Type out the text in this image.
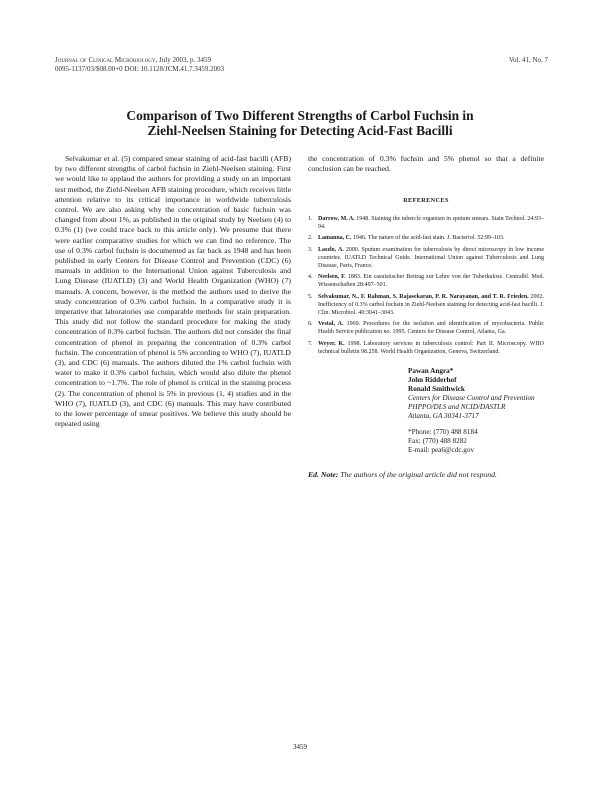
Journal of Clinical Microbiology, July 2003, p. 3459
0095-1137/03/$08.00+0 DOI: 10.1128/JCM.41.7.3459.2003
Vol. 41, No. 7
Comparison of Two Different Strengths of Carbol Fuchsin in
Ziehl-Neelsen Staining for Detecting Acid-Fast Bacilli

Selvakumar et al. (5) compared smear staining of acid-fast bacilli (AFB) by two different strengths of carbol fuchsin in Ziehl-Neelsen staining. First we would like to applaud the authors for providing a study on an important test method, the Ziehl-Neelsen AFB staining procedure, which receives little attention relative to its critical importance in worldwide tuberculosis control. We are also asking why the concentration of basic fuchsin was changed from about 1%, as published in the original study by Neelsen (4) to 0.3% (1) (we could trace back to this article only). We presume that there were earlier comparative studies for which we can find no reference. The use of 0.3% carbol fuchsin is documented as far back as 1948 and has been published in early Centers for Disease Control and Prevention (CDC) (6) manuals in addition to the International Union against Tuberculosis and Lung Disease (IUATLD) (3) and World Health Organization (WHO) (7) manuals. A concern, however, is the method the authors used to derive the study concentration of 0.3% carbol fuchsin. In a comparative study it is imperative that laboratories use comparable methods for stain preparation. This study did not follow the standard procedure for making the study concentration of 0.3% carbol fuchsin. The authors did not consider the final concentration of phenol in preparing the concentration of 0.3% carbol fuchsin. The concentration of phenol is 5% according to WHO (7), IUATLD (3), and CDC (6) manuals. The authors diluted the 1% carbol fuchsin with water to make it 0.3% carbol fuchsin, which would also dilute the phenol concentration to ~1.7%. The role of phenol is critical in the staining process (2). The concentration of phenol is 5% in previous (1, 4) studies and in the WHO (7), IUATLD (3), and CDC (6) manuals. This may have contributed to the lower percentage of smear positives. We believe this study should be repeated using

the concentration of 0.3% fuchsin and 5% phenol so that a definite conclusion can be reached.

REFERENCES
1. Darrow, M. A. 1948. Staining the tubercle organism in sputum smears. Stain Technol. 24:93–94.
2. Lamanna, C. 1946. The nature of the acid-fast stain. J. Bacteriol. 52:99–103.
3. Laszlo, A. 2000. Sputum examination for tuberculosis by direct microscopy in low income countries. IUATLD Technical Guide. International Union against Tuberculosis and Lung Disease, Paris, France.
4. Neelsen, F. 1883. Ein casuistischer Beitrag zur Lehre von der Tuberkulose. Centralbl. Med. Wissenschaften 28:497–501.
5. Selvakumar, N., F. Rahman, S. Rajasekaran, P. R. Narayanan, and T. R. Frieden. 2002. Inefficiency of 0.3% carbol fuchsin in Ziehl-Neelsen staining for detecting acid-fast bacilli. J. Clin. Microbiol. 40:3041–3043.
6. Vestal, A. 1969. Procedures for the isolation and identification of mycobacteria. Public Health Service publication no. 1995. Centers for Disease Control, Atlanta, Ga.
7. Weyer, K. 1998. Laboratory services in tuberculosis control: Part II. Microscopy. WHO technical bulletin 98.258. World Health Organization, Geneva, Switzerland.
Pawan Angra*
John Ridderhof
Ronald Smithwick
Centers for Disease Control and Prevention
PHPPO/DLS and NCID/DASTLR
Atlanta, GA 30341-3717
*Phone: (770) 488 8184
Fax: (770) 488 8282
E-mail: pea6@cdc.gov
Ed. Note: The authors of the original article did not respond.
3459
